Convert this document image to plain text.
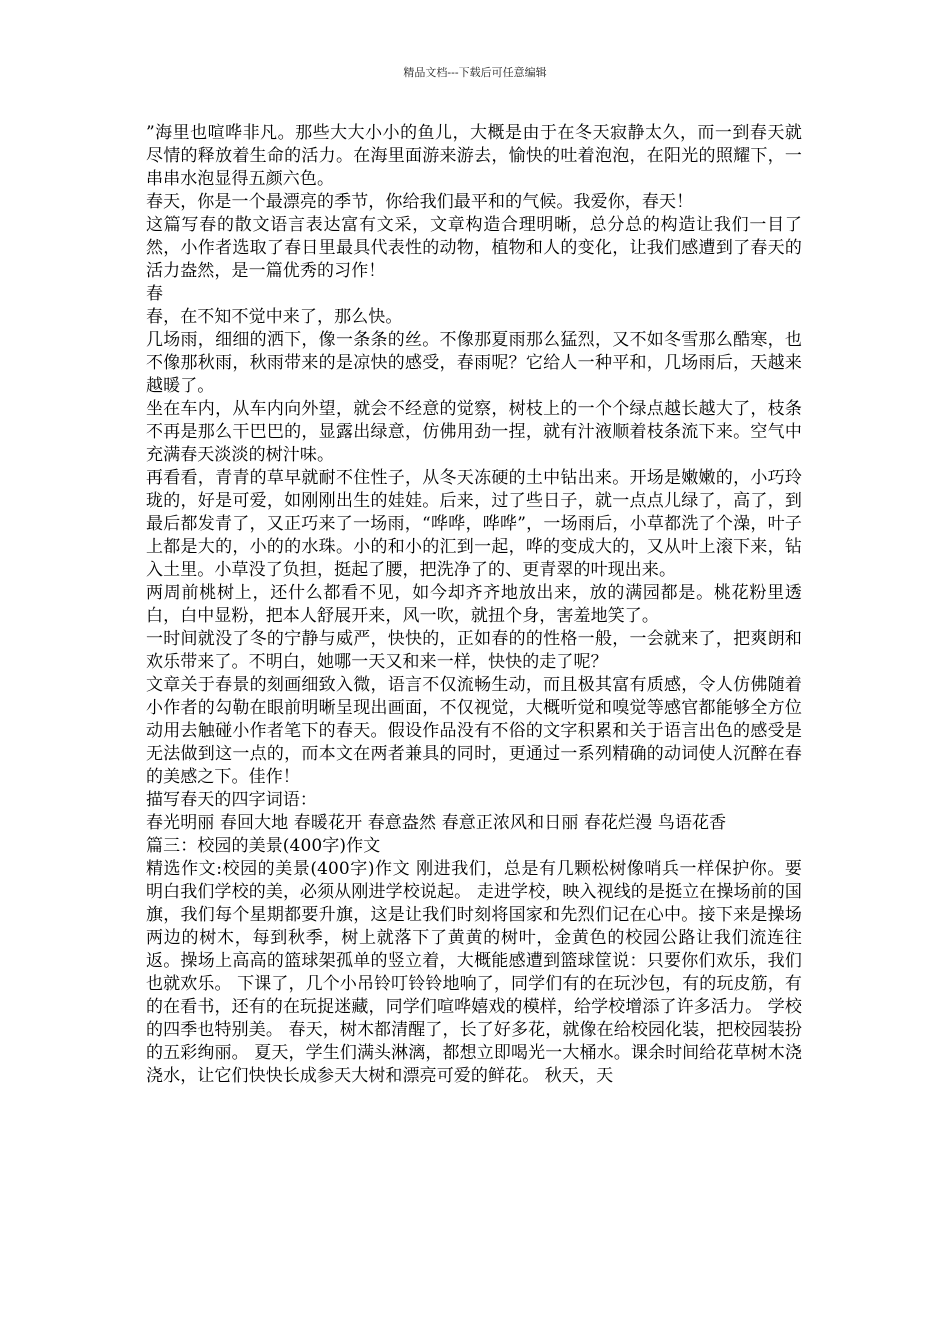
精品文档---下载后可任意编辑

”海里也喧哗非凡。那些大大小小的鱼儿，大概是由于在冬天寂静太久，而一到春天就尽情的释放着生命的活力。在海里面游来游去，愉快的吐着泡泡，在阳光的照耀下，一串串水泡显得五颜六色。

春天，你是一个最漂亮的季节，你给我们最平和的气候。我爱你，春天！

这篇写春的散文语言表达富有文采，文章构造合理明晰，总分总的构造让我们一目了然，小作者选取了春日里最具代表性的动物，植物和人的变化，让我们感遭到了春天的活力盎然，是一篇优秀的习作！

春

春，在不知不觉中来了，那么快。

几场雨，细细的洒下，像一条条的丝。不像那夏雨那么猛烈，又不如冬雪那么酷寒，也不像那秋雨，秋雨带来的是凉快的感受，春雨呢？它给人一种平和，几场雨后，天越来越暖了。

坐在车内，从车内向外望，就会不经意的觉察，树枝上的一个个绿点越长越大了，枝条不再是那么干巴巴的，显露出绿意，仿佛用劲一捏，就有汁液顺着枝条流下来。空气中充满春天淡淡的树汁味。

再看看，青青的草早就耐不住性子，从冬天冻硬的土中钻出来。开场是嫩嫩的，小巧玲珑的，好是可爱，如刚刚出生的娃娃。后来，过了些日子，就一点点儿绿了，高了，到最后都发青了，又正巧来了一场雨，“哗哗，哗哗”，一场雨后，小草都洗了个澡，叶子上都是大的，小的的水珠。小的和小的汇到一起，哗的变成大的，又从叶上滚下来，钻入土里。小草没了负担，挺起了腰，把洗净了的、更青翠的叶现出来。

两周前桃树上，还什么都看不见，如今却齐齐地放出来，放的满园都是。桃花粉里透白，白中显粉，把本人舒展开来，风一吹，就扭个身，害羞地笑了。

一时间就没了冬的宁静与威严，快快的，正如春的的性格一般，一会就来了，把爽朗和欢乐带来了。不明白，她哪一天又和来一样，快快的走了呢？

文章关于春景的刻画细致入微，语言不仅流畅生动，而且极其富有质感，令人仿佛随着小作者的勾勒在眼前明晰呈现出画面，不仅视觉，大概听觉和嗅觉等感官都能够全方位动用去触碰小作者笔下的春天。假设作品没有不俗的文字积累和关于语言出色的感受是无法做到这一点的，而本文在两者兼具的同时，更通过一系列精确的动词使人沉醉在春的美感之下。佳作！

描写春天的四字词语：

春光明丽 春回大地 春暖花开 春意盎然 春意正浓风和日丽 春花烂漫 鸟语花香

篇三：校园的美景(400字)作文

精选作文:校园的美景(400字)作文 刚进我们，总是有几颗松树像哨兵一样保护你。要明白我们学校的美，必须从刚进学校说起。 走进学校，映入视线的是挺立在操场前的国旗，我们每个星期都要升旗，这是让我们时刻将国家和先烈们记在心中。接下来是操场两边的树木，每到秋季，树上就落下了黄黄的树叶，金黄色的校园公路让我们流连往返。操场上高高的篮球架孤单的竖立着，大概能感遭到篮球筐说：只要你们欢乐，我们也就欢乐。 下课了，几个小吊铃叮铃铃地响了，同学们有的在玩沙包，有的玩皮筋，有的在看书，还有的在玩捉迷藏，同学们喧哗嬉戏的模样，给学校增添了许多活力。 学校的四季也特别美。 春天，树木都清醒了，长了好多花，就像在给校园化装，把校园装扮的五彩绚丽。 夏天，学生们满头淋漓，都想立即喝光一大桶水。课余时间给花草树木浇浇水，让它们快快长成参天大树和漂亮可爱的鲜花。 秋天，天
